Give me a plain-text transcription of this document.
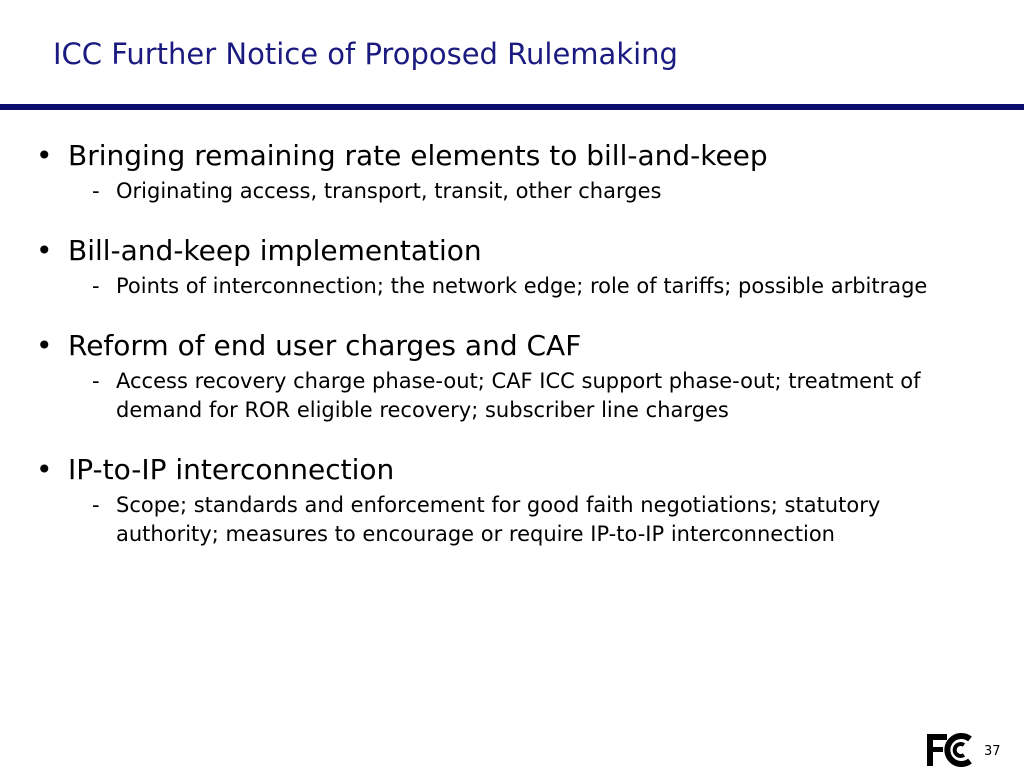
ICC Further Notice of Proposed Rulemaking
• Bringing remaining rate elements to bill-and-keep
- Originating access, transport, transit, other charges
• Bill-and-keep implementation
- Points of interconnection; the network edge; role of tariffs; possible arbitrage
• Reform of end user charges and CAF
- Access recovery charge phase-out; CAF ICC support phase-out; treatment of demand for ROR eligible recovery; subscriber line charges
• IP-to-IP interconnection
- Scope; standards and enforcement for good faith negotiations; statutory authority; measures to encourage or require IP-to-IP interconnection
37
